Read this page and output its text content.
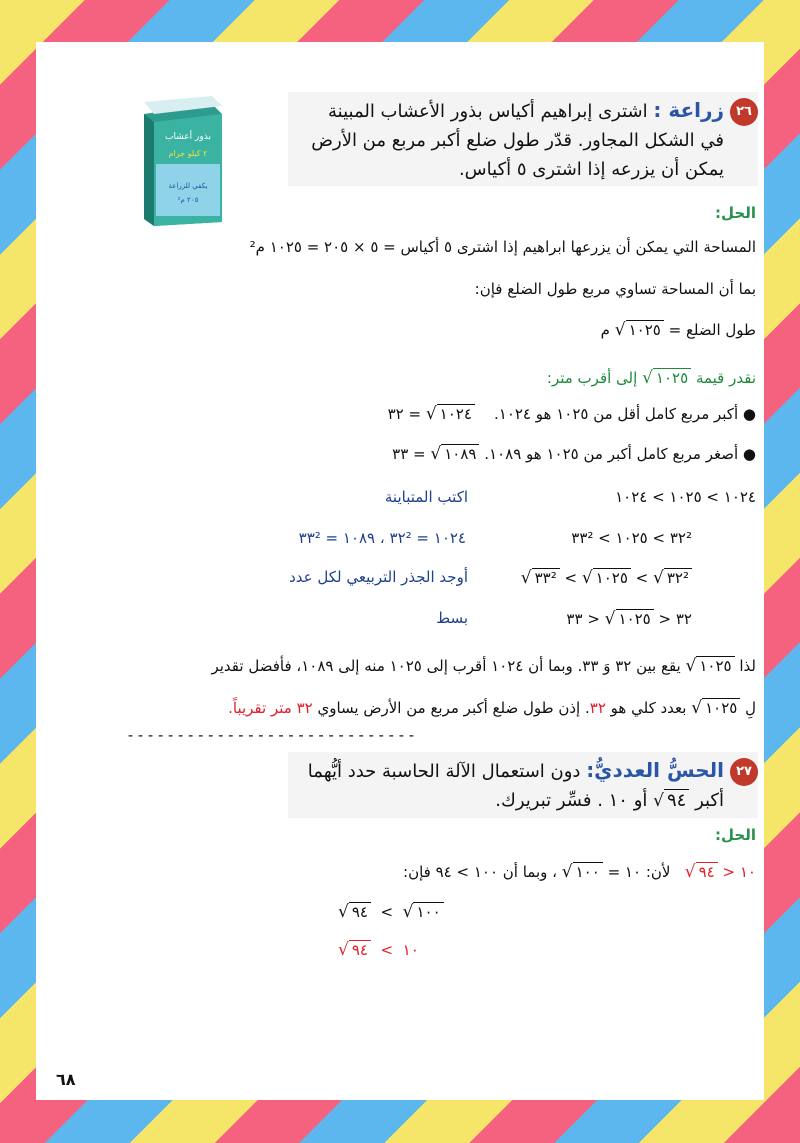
بذور أعشاب
٢ كيلو جرام
يكفي للزراعة
٢٠٥ م²
٢٦زراعة : اشترى إبراهيم أكياس بذور الأعشاب المبينة
في الشكل المجاور. قدّر طول ضلع أكبر مربع من الأرض
يمكن أن يزرعه إذا اشترى ٥ أكياس.
الحل:
المساحة التي يمكن أن يزرعها ابراهيم إذا اشترى ٥ أكياس = ٥ × ٢٠٥ = ١٠٢٥ م²
بما أن المساحة تساوي مربع طول الضلع فإن:
طول الضلع = √ ١٠٢٥ م
نقدر قيمة √ ١٠٢٥ إلى أقرب متر:
● أكبر مربع كامل أقل من ١٠٢٥ هو ١٠٢٤.    √ ١٠٢٤ = ٣٢
● أصغر مربع كامل أكبر من ١٠٢٥ هو ١٠٨٩. √ ١٠٨٩ = ٣٣
١٠٢٤ > ١٠٢٥ > ١٠٢٤
اكتب المتباينة
٣٢² > ١٠٢٥ > ٣٣²
١٠٢٤ = ٣٢² ، ١٠٨٩ = ٣٣²
√ ٣٢² > √ ١٠٢٥ > √ ٣٣²
أوجد الجذر التربيعي لكل عدد
٣٢ < √ ١٠٢٥ < ٣٣
بسط
لذا √ ١٠٢٥ يقع بين ٣٢ وَ ٣٣. وبما أن ١٠٢٤ أقرب إلى ١٠٢٥ منه إلى ١٠٨٩، فأفضل تقدير
لِ √ ١٠٢٥ بعدد كلي هو ٣٢. إذن طول ضلع أكبر مربع من الأرض يساوي ٣٢ متر تقريباً.
-----------------------------
٢٧الحسُّ العدديُّ: دون استعمال الآلة الحاسبة حدد أيُّهما
أكبر √ ٩٤ أو ١٠ . فسِّر تبريرك.
الحل:
١٠ < √ ٩٤   لأن: ١٠ = √ ١٠٠ ، وبما أن ١٠٠ > ٩٤ فإن:
√ ٩٤ < √ ١٠٠
√ ٩٤ < ١٠
٦٨
